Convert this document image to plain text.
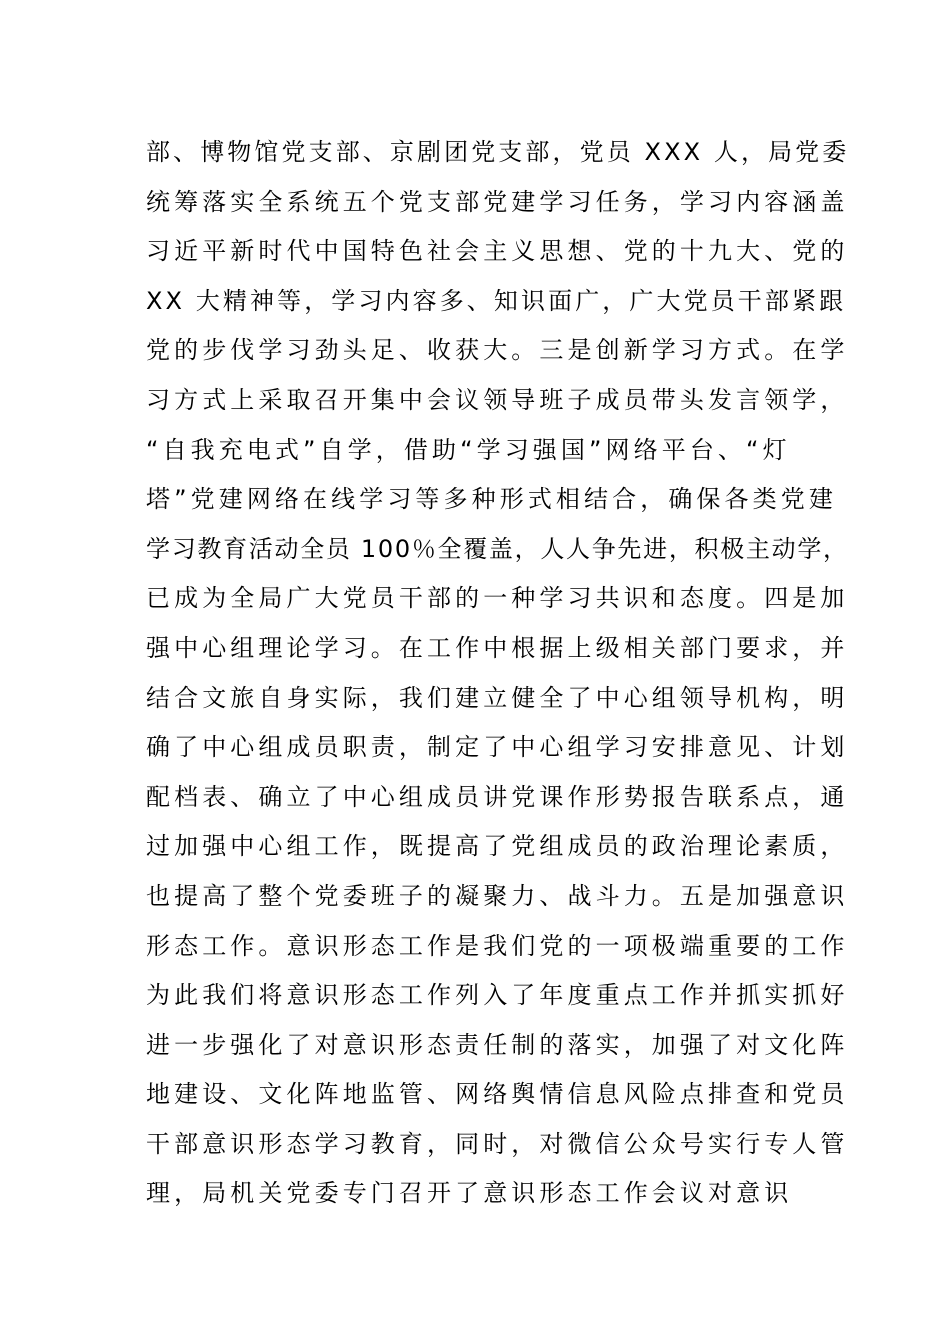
部、博物馆党支部、京剧团党支部，党员 XXX 人，局党委
统筹落实全系统五个党支部党建学习任务，学习内容涵盖
习近平新时代中国特色社会主义思想、党的十九大、党的
XX 大精神等，学习内容多、知识面广，广大党员干部紧跟
党的步伐学习劲头足、收获大。三是创新学习方式。在学
习方式上采取召开集中会议领导班子成员带头发言领学，
“自我充电式”自学，借助“学习强国”网络平台、“灯
塔”党建网络在线学习等多种形式相结合，确保各类党建
学习教育活动全员 100％全覆盖，人人争先进，积极主动学，
已成为全局广大党员干部的一种学习共识和态度。四是加
强中心组理论学习。在工作中根据上级相关部门要求，并
结合文旅自身实际，我们建立健全了中心组领导机构，明
确了中心组成员职责，制定了中心组学习安排意见、计划
配档表、确立了中心组成员讲党课作形势报告联系点，通
过加强中心组工作，既提高了党组成员的政治理论素质，
也提高了整个党委班子的凝聚力、战斗力。五是加强意识
形态工作。意识形态工作是我们党的一项极端重要的工作
为此我们将意识形态工作列入了年度重点工作并抓实抓好
进一步强化了对意识形态责任制的落实，加强了对文化阵
地建设、文化阵地监管、网络舆情信息风险点排查和党员
干部意识形态学习教育，同时，对微信公众号实行专人管
理，局机关党委专门召开了意识形态工作会议对意识
